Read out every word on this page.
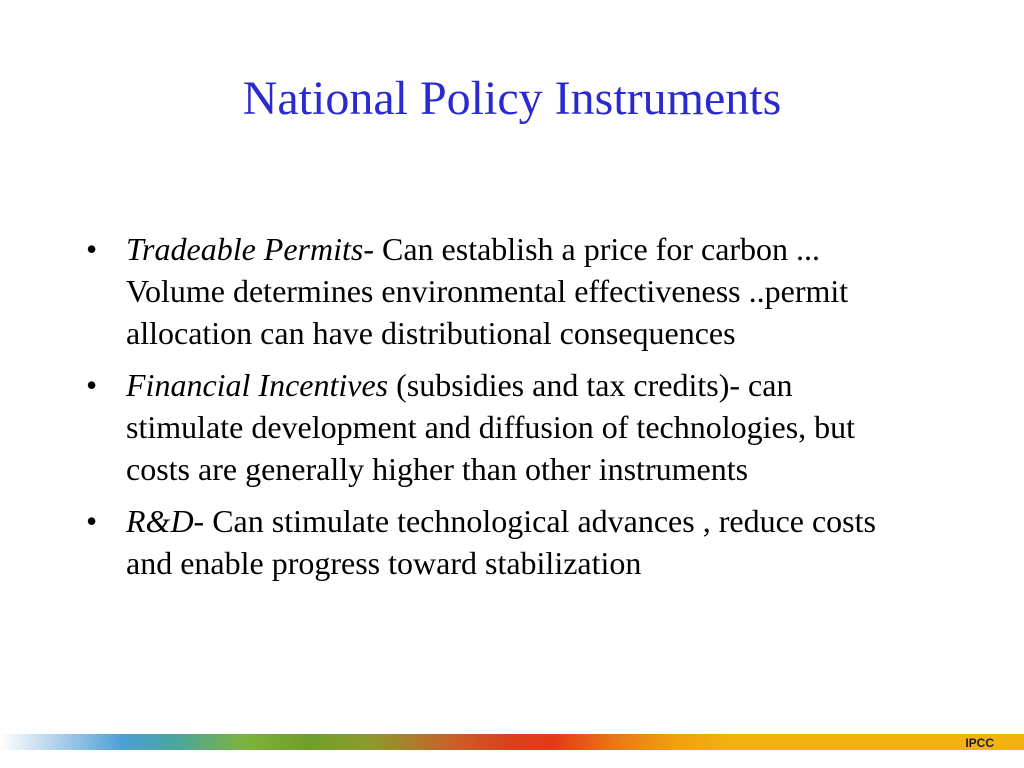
National Policy Instruments
• Tradeable Permits- Can establish a price for carbon ... Volume determines environmental effectiveness ..permit allocation can have distributional consequences
• Financial Incentives (subsidies and tax credits)- can stimulate development and diffusion of technologies, but costs are generally higher than other instruments
• R&D- Can stimulate technological advances , reduce costs and enable progress toward stabilization
IPCC
